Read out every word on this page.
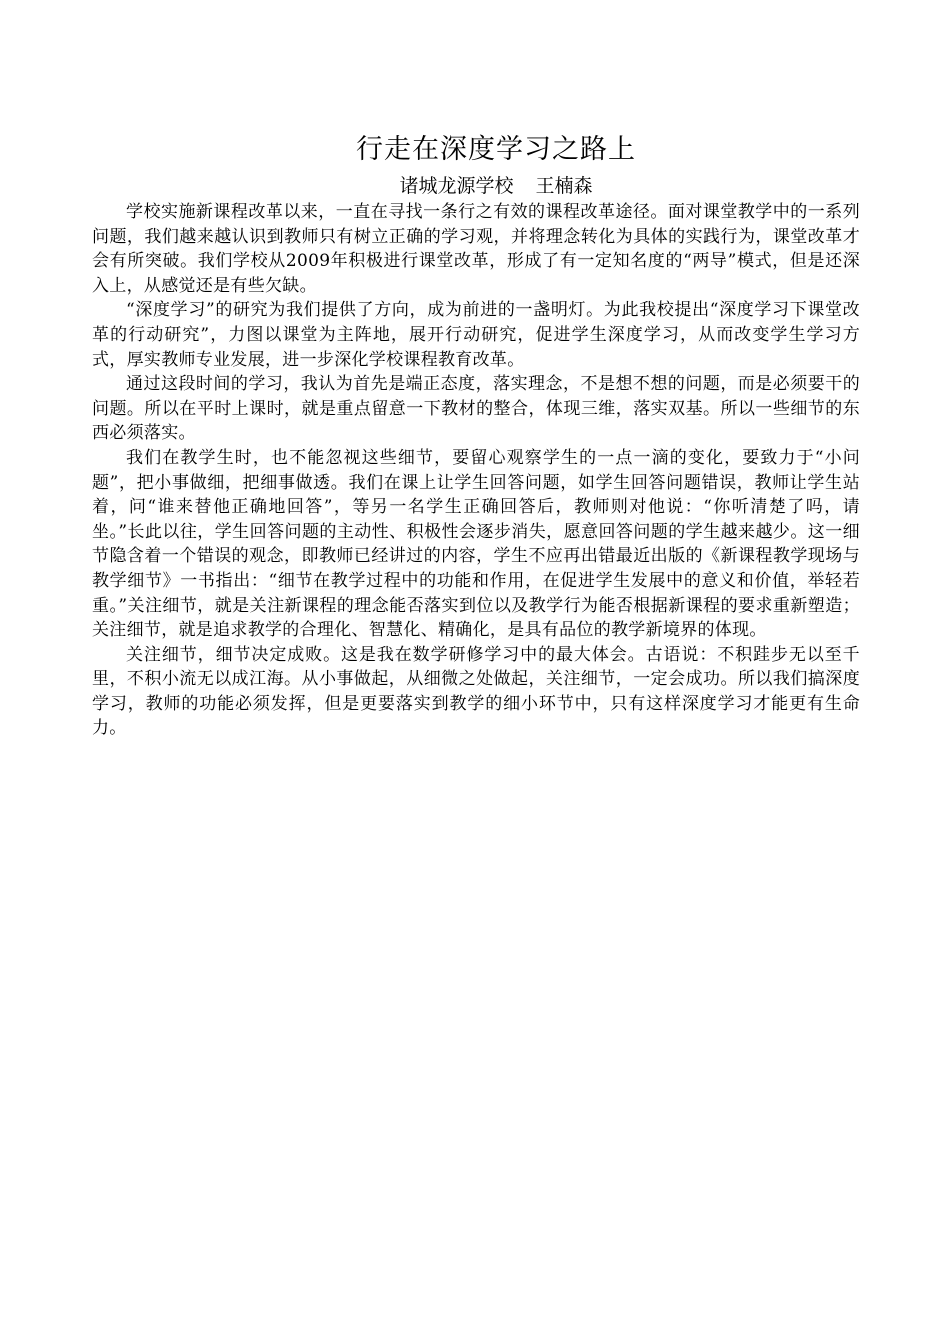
行走在深度学习之路上

诸城龙源学校 王楠森

学校实施新课程改革以来，一直在寻找一条行之有效的课程改革途径。面对课堂教学中的一系列问题，我们越来越认识到教师只有树立正确的学习观，并将理念转化为具体的实践行为，课堂改革才会有所突破。我们学校从2009年积极进行课堂改革，形成了有一定知名度的“两导”模式，但是还深入上，从感觉还是有些欠缺。

“深度学习”的研究为我们提供了方向，成为前进的一盏明灯。为此我校提出“深度学习下课堂改革的行动研究”，力图以课堂为主阵地，展开行动研究，促进学生深度学习，从而改变学生学习方式，厚实教师专业发展，进一步深化学校课程教育改革。

通过这段时间的学习，我认为首先是端正态度，落实理念，不是想不想的问题，而是必须要干的问题。所以在平时上课时，就是重点留意一下教材的整合，体现三维，落实双基。所以一些细节的东西必须落实。

我们在教学生时，也不能忽视这些细节，要留心观察学生的一点一滴的变化，要致力于“小问题”，把小事做细，把细事做透。我们在课上让学生回答问题，如学生回答问题错误，教师让学生站着，问“谁来替他正确地回答”，等另一名学生正确回答后，教师则对他说：“你听清楚了吗，请坐。”长此以往，学生回答问题的主动性、积极性会逐步消失，愿意回答问题的学生越来越少。这一细节隐含着一个错误的观念，即教师已经讲过的内容，学生不应再出错最近出版的《新课程教学现场与教学细节》一书指出：“细节在教学过程中的功能和作用，在促进学生发展中的意义和价值，举轻若重。”关注细节，就是关注新课程的理念能否落实到位以及教学行为能否根据新课程的要求重新塑造；关注细节，就是追求教学的合理化、智慧化、精确化，是具有品位的教学新境界的体现。

关注细节，细节决定成败。这是我在数学研修学习中的最大体会。古语说：不积跬步无以至千里，不积小流无以成江海。从小事做起，从细微之处做起，关注细节，一定会成功。所以我们搞深度学习，教师的功能必须发挥，但是更要落实到教学的细小环节中，只有这样深度学习才能更有生命力。
